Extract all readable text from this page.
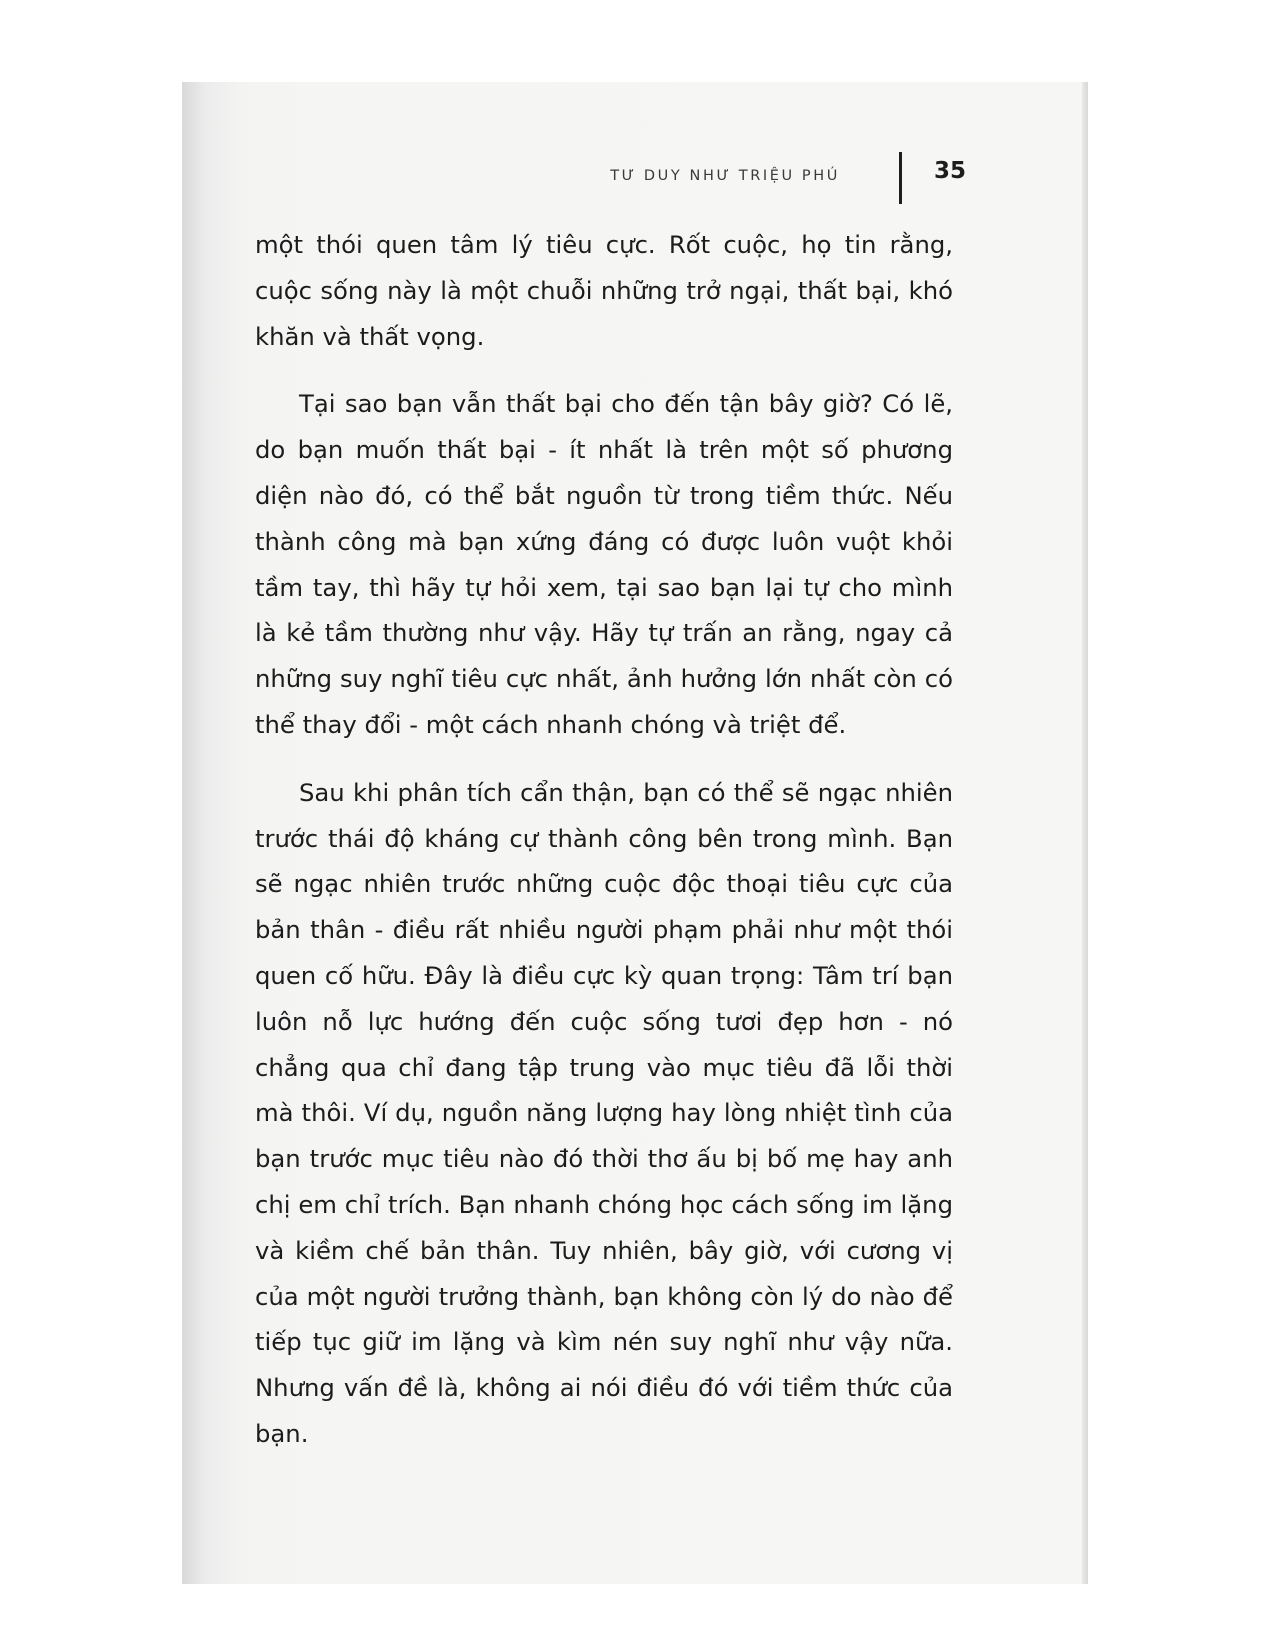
TƯ DUY NHƯ TRIỆU PHÚ	35

một thói quen tâm lý tiêu cực. Rốt cuộc, họ tin rằng, cuộc sống này là một chuỗi những trở ngại, thất bại, khó khăn và thất vọng.

Tại sao bạn vẫn thất bại cho đến tận bây giờ? Có lẽ, do bạn muốn thất bại - ít nhất là trên một số phương diện nào đó, có thể bắt nguồn từ trong tiềm thức. Nếu thành công mà bạn xứng đáng có được luôn vuột khỏi tầm tay, thì hãy tự hỏi xem, tại sao bạn lại tự cho mình là kẻ tầm thường như vậy. Hãy tự trấn an rằng, ngay cả những suy nghĩ tiêu cực nhất, ảnh hưởng lớn nhất còn có thể thay đổi - một cách nhanh chóng và triệt để.

Sau khi phân tích cẩn thận, bạn có thể sẽ ngạc nhiên trước thái độ kháng cự thành công bên trong mình. Bạn sẽ ngạc nhiên trước những cuộc độc thoại tiêu cực của bản thân - điều rất nhiều người phạm phải như một thói quen cố hữu. Đây là điều cực kỳ quan trọng: Tâm trí bạn luôn nỗ lực hướng đến cuộc sống tươi đẹp hơn - nó chẳng qua chỉ đang tập trung vào mục tiêu đã lỗi thời mà thôi. Ví dụ, nguồn năng lượng hay lòng nhiệt tình của bạn trước mục tiêu nào đó thời thơ ấu bị bố mẹ hay anh chị em chỉ trích. Bạn nhanh chóng học cách sống im lặng và kiềm chế bản thân. Tuy nhiên, bây giờ, với cương vị của một người trưởng thành, bạn không còn lý do nào để tiếp tục giữ im lặng và kìm nén suy nghĩ như vậy nữa. Nhưng vấn đề là, không ai nói điều đó với tiềm thức của bạn.
